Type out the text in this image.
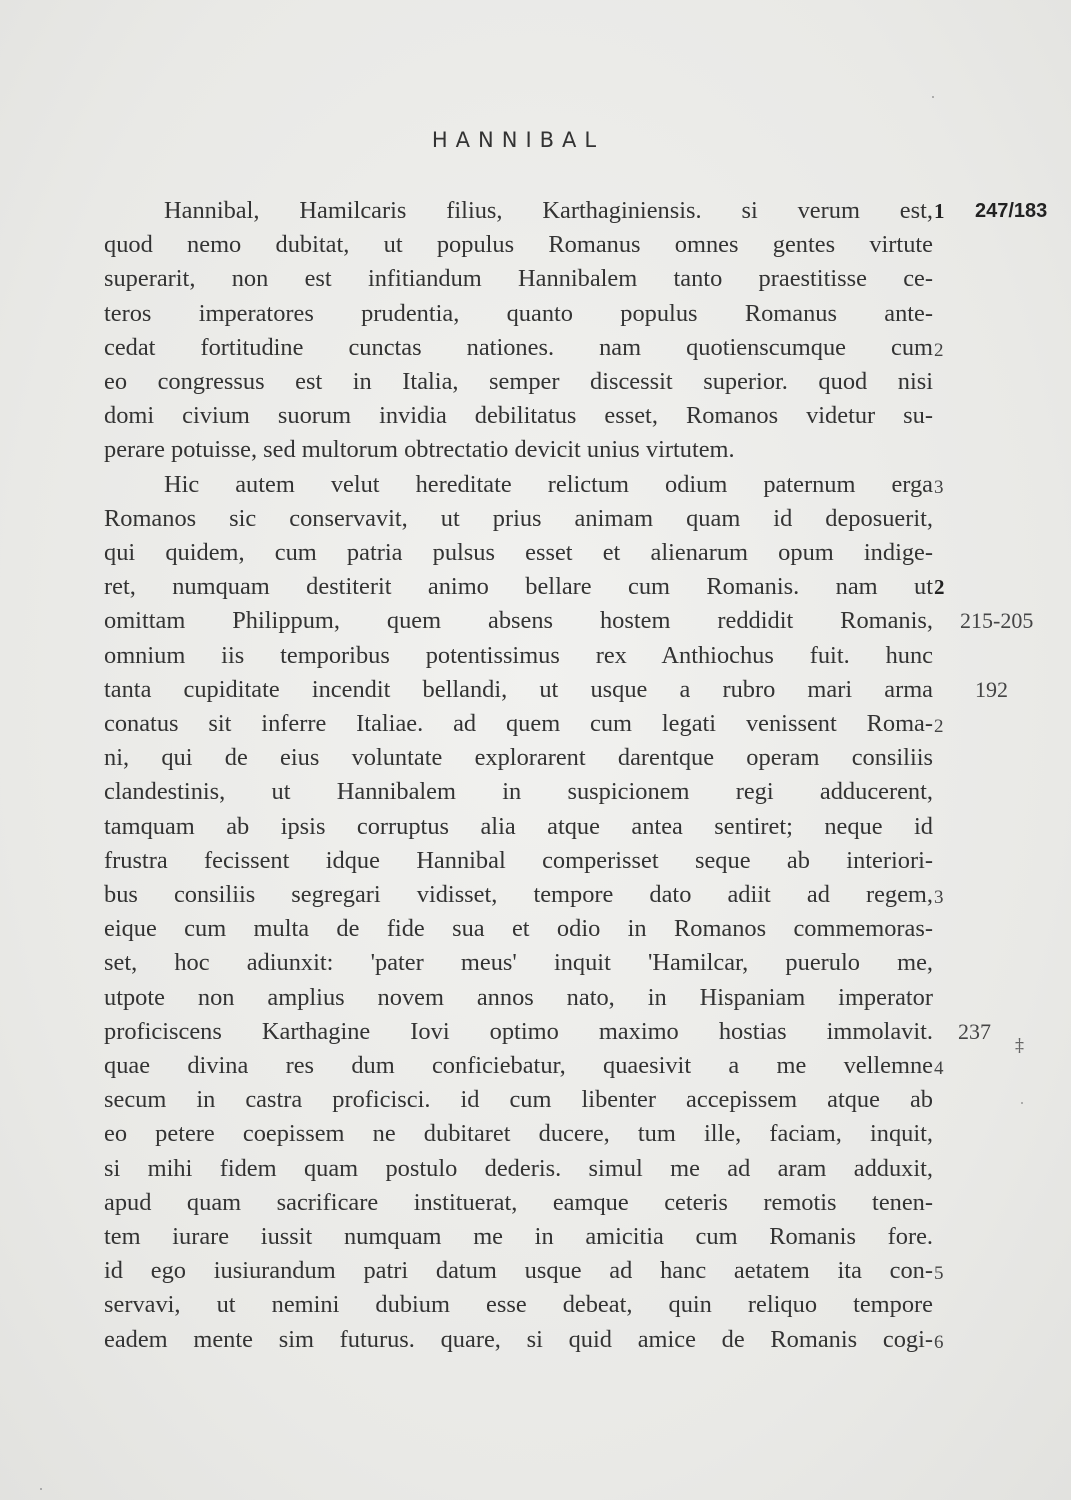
HANNIBAL
Hannibal, Hamilcaris filius, Karthaginiensis. si verum est,
quod nemo dubitat, ut populus Romanus omnes gentes virtute
superarit, non est infitiandum Hannibalem tanto praestitisse ce-
teros imperatores prudentia, quanto populus Romanus ante-
cedat fortitudine cunctas nationes. nam quotienscumque cum
eo congressus est in Italia, semper discessit superior. quod nisi
domi civium suorum invidia debilitatus esset, Romanos videtur su-
perare potuisse, sed multorum obtrectatio devicit unius virtutem.
Hic autem velut hereditate relictum odium paternum erga
Romanos sic conservavit, ut prius animam quam id deposuerit,
qui quidem, cum patria pulsus esset et alienarum opum indige-
ret, numquam destiterit animo bellare cum Romanis. nam ut
omittam Philippum, quem absens hostem reddidit Romanis,
omnium iis temporibus potentissimus rex Anthiochus fuit. hunc
tanta cupiditate incendit bellandi, ut usque a rubro mari arma
conatus sit inferre Italiae. ad quem cum legati venissent Roma-
ni, qui de eius voluntate explorarent darentque operam consiliis
clandestinis, ut Hannibalem in suspicionem regi adducerent,
tamquam ab ipsis corruptus alia atque antea sentiret; neque id
frustra fecissent idque Hannibal comperisset seque ab interiori-
bus consiliis segregari vidisset, tempore dato adiit ad regem,
eique cum multa de fide sua et odio in Romanos commemoras-
set, hoc adiunxit: 'pater meus' inquit 'Hamilcar, puerulo me,
utpote non amplius novem annos nato, in Hispaniam imperator
proficiscens Karthagine Iovi optimo maximo hostias immolavit.
quae divina res dum conficiebatur, quaesivit a me vellemne
secum in castra proficisci. id cum libenter accepissem atque ab
eo petere coepissem ne dubitaret ducere, tum ille, faciam, inquit,
si mihi fidem quam postulo dederis. simul me ad aram adduxit,
apud quam sacrificare instituerat, eamque ceteris remotis tenen-
tem iurare iussit numquam me in amicitia cum Romanis fore.
id ego iusiurandum patri datum usque ad hanc aetatem ita con-
servavi, ut nemini dubium esse debeat, quin reliquo tempore
eadem mente sim futurus. quare, si quid amice de Romanis cogi-
1
2
3
2
2
3
4
5
6
247/183
215-205
192
237
‡
